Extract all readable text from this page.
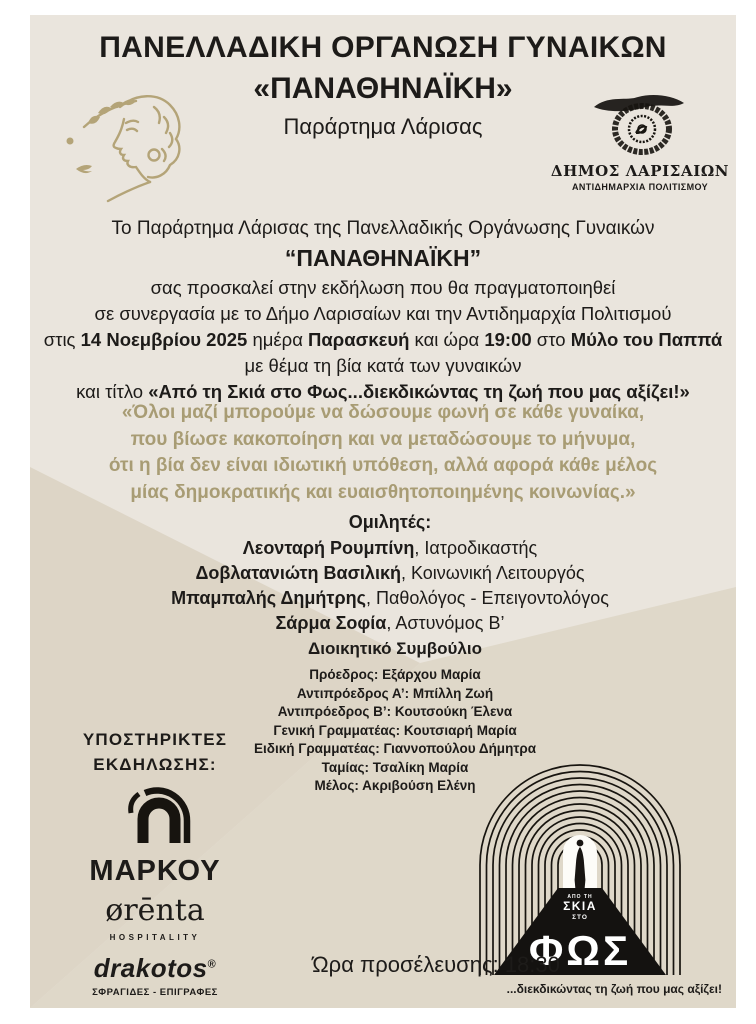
ΠΑΝΕΛΛΑΔΙΚΗ ΟΡΓΑΝΩΣΗ ΓΥΝΑΙΚΩΝ
«ΠΑΝΑΘΗΝΑΪΚΗ»
Παράρτημα Λάρισας
ΔΗΜΟΣ ΛΑΡΙΣΑΙΩΝ
ΑΝΤΙΔΗΜΑΡΧΙΑ ΠΟΛΙΤΙΣΜΟΥ
Το Παράρτημα Λάρισας της Πανελλαδικής Οργάνωσης Γυναικών
“ΠΑΝΑΘΗΝΑΪΚΗ”
σας προσκαλεί στην εκδήλωση που θα πραγματοποιηθεί
σε συνεργασία με το Δήμο Λαρισαίων και την Αντιδημαρχία Πολιτισμού
στις 14 Νοεμβρίου 2025 ημέρα Παρασκευή και ώρα 19:00 στο Μύλο του Παππά
με θέμα τη βία κατά των γυναικών
και τίτλο «Από τη Σκιά στο Φως...διεκδικώντας τη ζωή που μας αξίζει!»
«Όλοι μαζί μπορούμε να δώσουμε φωνή σε κάθε γυναίκα,
που βίωσε κακοποίηση και να μεταδώσουμε το μήνυμα,
ότι η βία δεν είναι ιδιωτική υπόθεση, αλλά αφορά κάθε μέλος
μίας δημοκρατικής και ευαισθητοποιημένης κοινωνίας.»
Ομιλητές:
Λεονταρή Ρουμπίνη, Ιατροδικαστής
Δοβλατανιώτη Βασιλική, Κοινωνική Λειτουργός
Μπαμπαλής Δημήτρης, Παθολόγος - Επειγοντολόγος
Σάρμα Σοφία, Αστυνόμος Β’
Διοικητικό Συμβούλιο
Πρόεδρος: Εξάρχου Μαρία
Αντιπρόεδρος Α’: Μπίλλη Ζωή
Αντιπρόεδρος Β’: Κουτσούκη Έλενα
Γενική Γραμματέας: Κουτσιαρή Μαρία
Ειδική Γραμματέας: Γιαννοπούλου Δήμητρα
Ταμίας: Τσαλίκη Μαρία
Μέλος: Ακριβούση Ελένη
ΥΠΟΣΤΗΡΙΚΤΕΣ
ΕΚΔΗΛΩΣΗΣ:
ΜΑΡΚΟΥ
ørēnta
HOSPITALITY
drakotos®
ΣΦΡΑΓΙΔΕΣ - ΕΠΙΓΡΑΦΕΣ
ΑΠΟ ΤΗ
ΣΚΙΑ
ΣΤΟ
ΦΩΣ
Ώρα προσέλευσης: 18:30
...διεκδικώντας τη ζωή που μας αξίζει!
